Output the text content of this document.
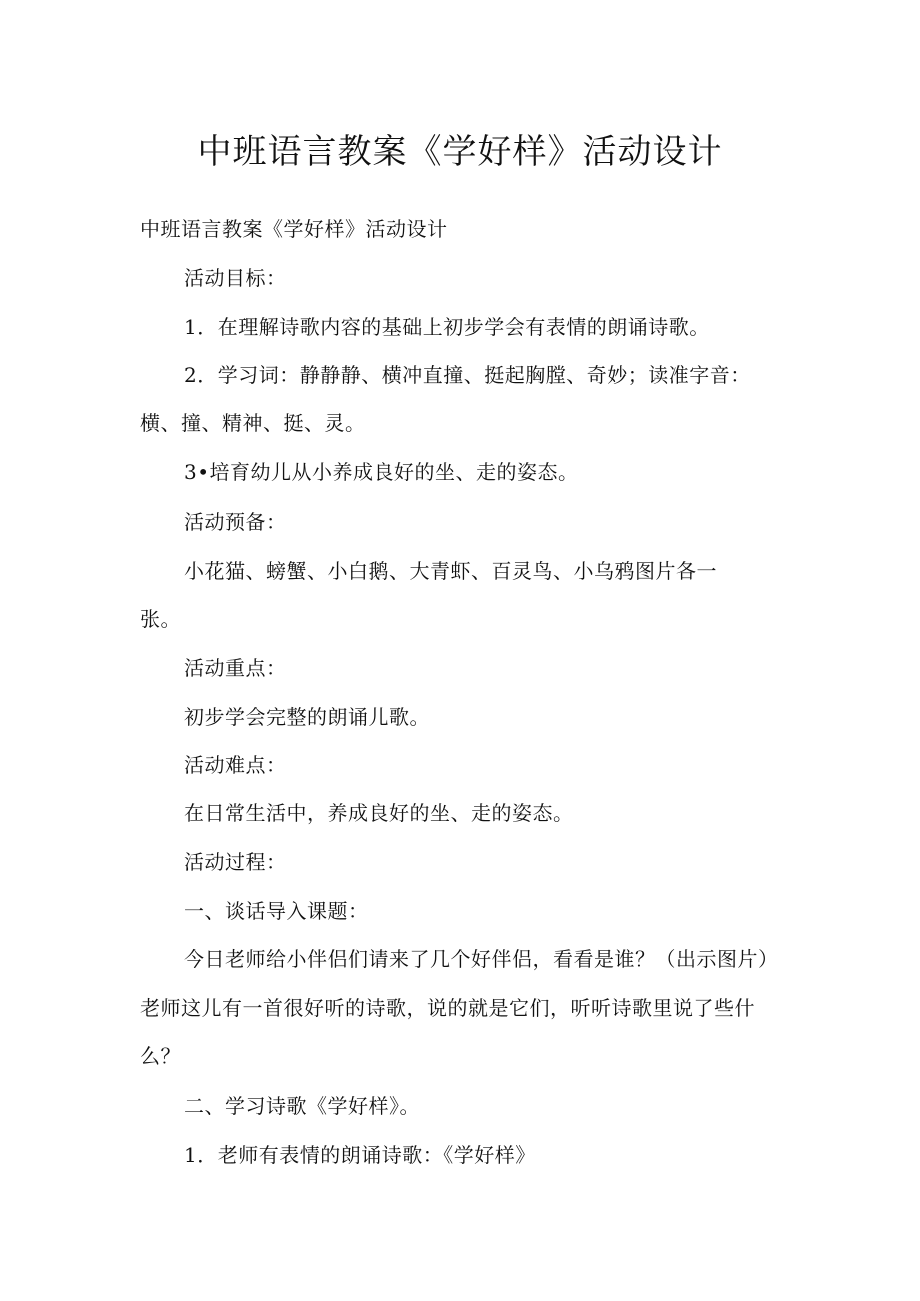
中班语言教案《学好样》活动设计
中班语言教案《学好样》活动设计
活动目标：
1．在理解诗歌内容的基础上初步学会有表情的朗诵诗歌。
2．学习词：静静静、横冲直撞、挺起胸膛、奇妙；读准字音：
横、撞、精神、挺、灵。
3•培育幼儿从小养成良好的坐、走的姿态。
活动预备：
小花猫、螃蟹、小白鹅、大青虾、百灵鸟、小乌鸦图片各一
张。
活动重点：
初步学会完整的朗诵儿歌。
活动难点：
在日常生活中，养成良好的坐、走的姿态。
活动过程：
一、谈话导入课题：
今日老师给小伴侣们请来了几个好伴侣，看看是谁？（出示图片）
老师这儿有一首很好听的诗歌，说的就是它们，听听诗歌里说了些什
么？
二、学习诗歌《学好样》。
1．老师有表情的朗诵诗歌：《学好样》
